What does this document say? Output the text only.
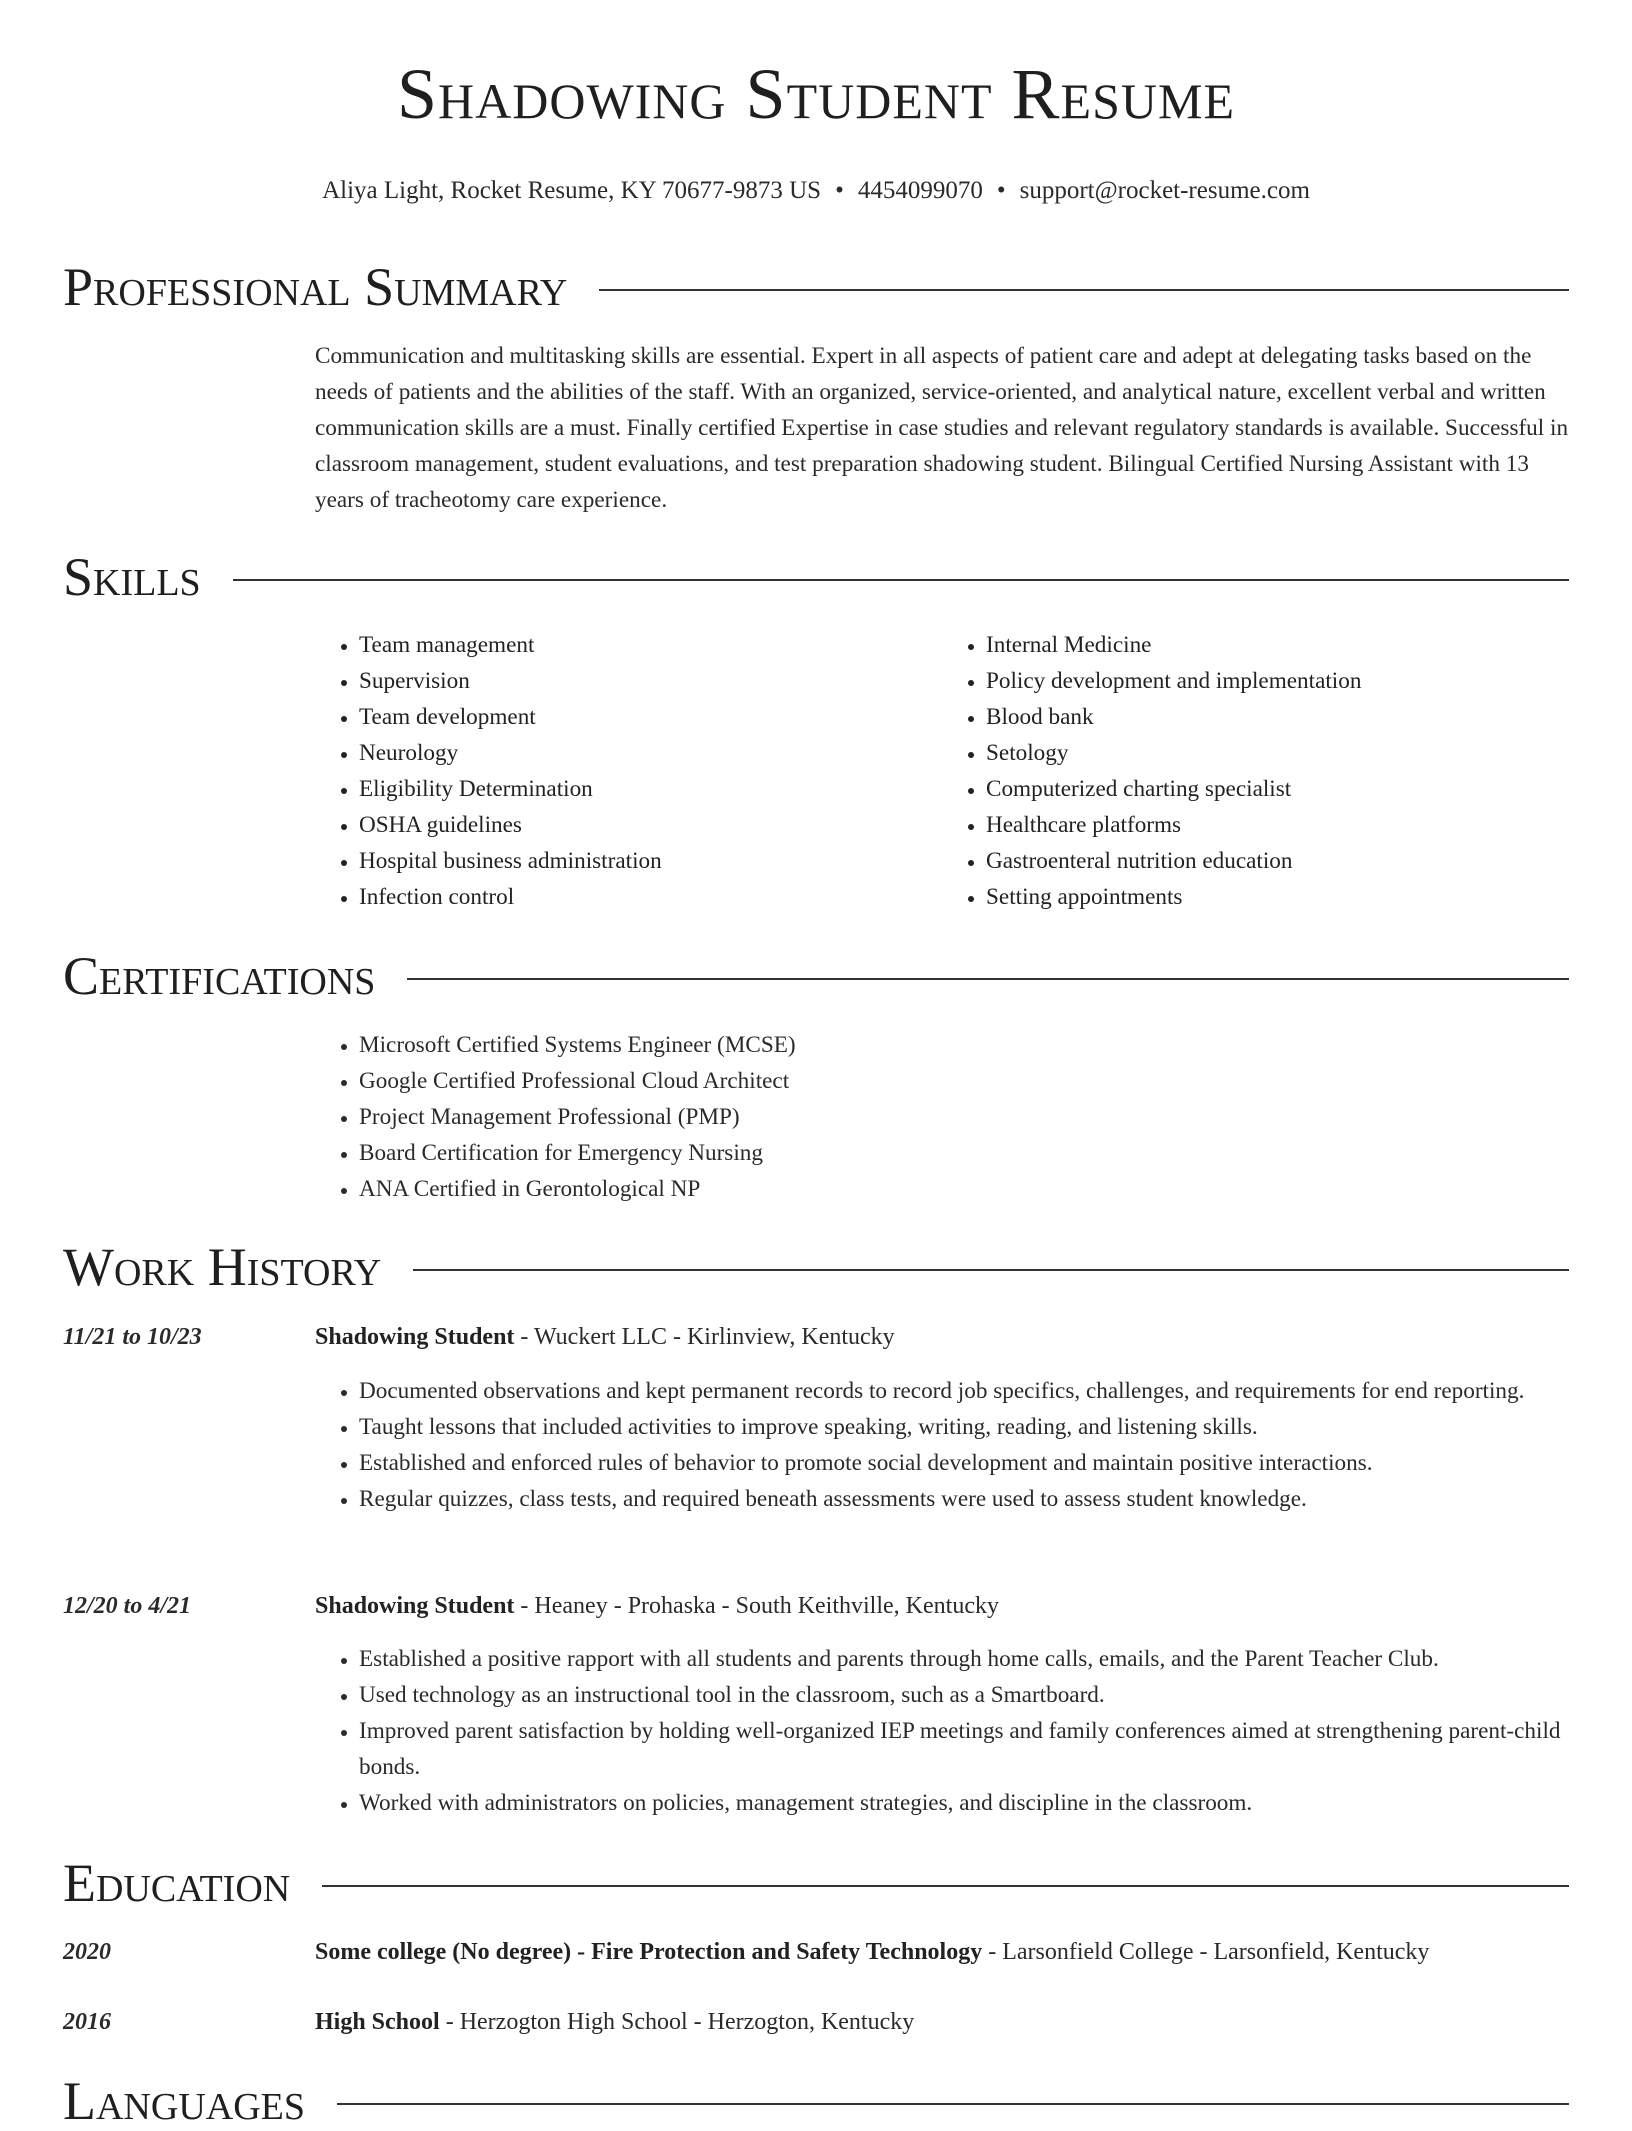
Shadowing Student Resume
Aliya Light, Rocket Resume, KY 70677-9873 US • 4454099070 • support@rocket-resume.com
Professional Summary
Communication and multitasking skills are essential. Expert in all aspects of patient care and adept at delegating tasks based on the needs of patients and the abilities of the staff. With an organized, service-oriented, and analytical nature, excellent verbal and written communication skills are a must. Finally certified Expertise in case studies and relevant regulatory standards is available. Successful in classroom management, student evaluations, and test preparation shadowing student. Bilingual Certified Nursing Assistant with 13 years of tracheotomy care experience.
Skills
• Team management
• Supervision
• Team development
• Neurology
• Eligibility Determination
• OSHA guidelines
• Hospital business administration
• Infection control
• Internal Medicine
• Policy development and implementation
• Blood bank
• Setology
• Computerized charting specialist
• Healthcare platforms
• Gastroenteral nutrition education
• Setting appointments
Certifications
• Microsoft Certified Systems Engineer (MCSE)
• Google Certified Professional Cloud Architect
• Project Management Professional (PMP)
• Board Certification for Emergency Nursing
• ANA Certified in Gerontological NP
Work History
11/21 to 10/23	Shadowing Student - Wuckert LLC - Kirlinview, Kentucky
• Documented observations and kept permanent records to record job specifics, challenges, and requirements for end reporting.
• Taught lessons that included activities to improve speaking, writing, reading, and listening skills.
• Established and enforced rules of behavior to promote social development and maintain positive interactions.
• Regular quizzes, class tests, and required beneath assessments were used to assess student knowledge.
12/20 to 4/21	Shadowing Student - Heaney - Prohaska - South Keithville, Kentucky
• Established a positive rapport with all students and parents through home calls, emails, and the Parent Teacher Club.
• Used technology as an instructional tool in the classroom, such as a Smartboard.
• Improved parent satisfaction by holding well-organized IEP meetings and family conferences aimed at strengthening parent-child bonds.
• Worked with administrators on policies, management strategies, and discipline in the classroom.
Education
2020	Some college (No degree) - Fire Protection and Safety Technology - Larsonfield College - Larsonfield, Kentucky
2016	High School - Herzogton High School - Herzogton, Kentucky
Languages
